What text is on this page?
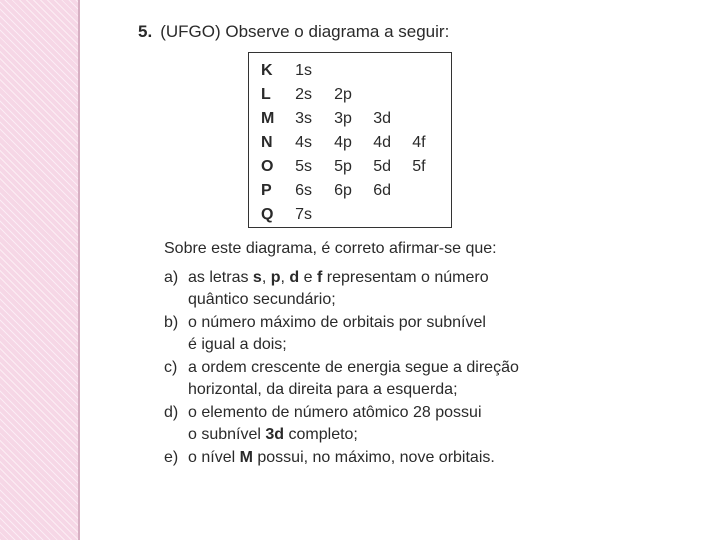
5. (UFGO) Observe o diagrama a seguir:
K	1s			
L	2s	2p		
M	3s	3p	3d	
N	4s	4p	4d	4f
O	5s	5p	5d	5f
P	6s	6p	6d	
Q	7s			
Sobre este diagrama, é correto afirmar-se que:
a) as letras s, p, d e f representam o número
quântico secundário;
b) o número máximo de orbitais por subnível
é igual a dois;
c) a ordem crescente de energia segue a direção
horizontal, da direita para a esquerda;
d) o elemento de número atômico 28 possui
o subnível 3d completo;
e) o nível M possui, no máximo, nove orbitais.
